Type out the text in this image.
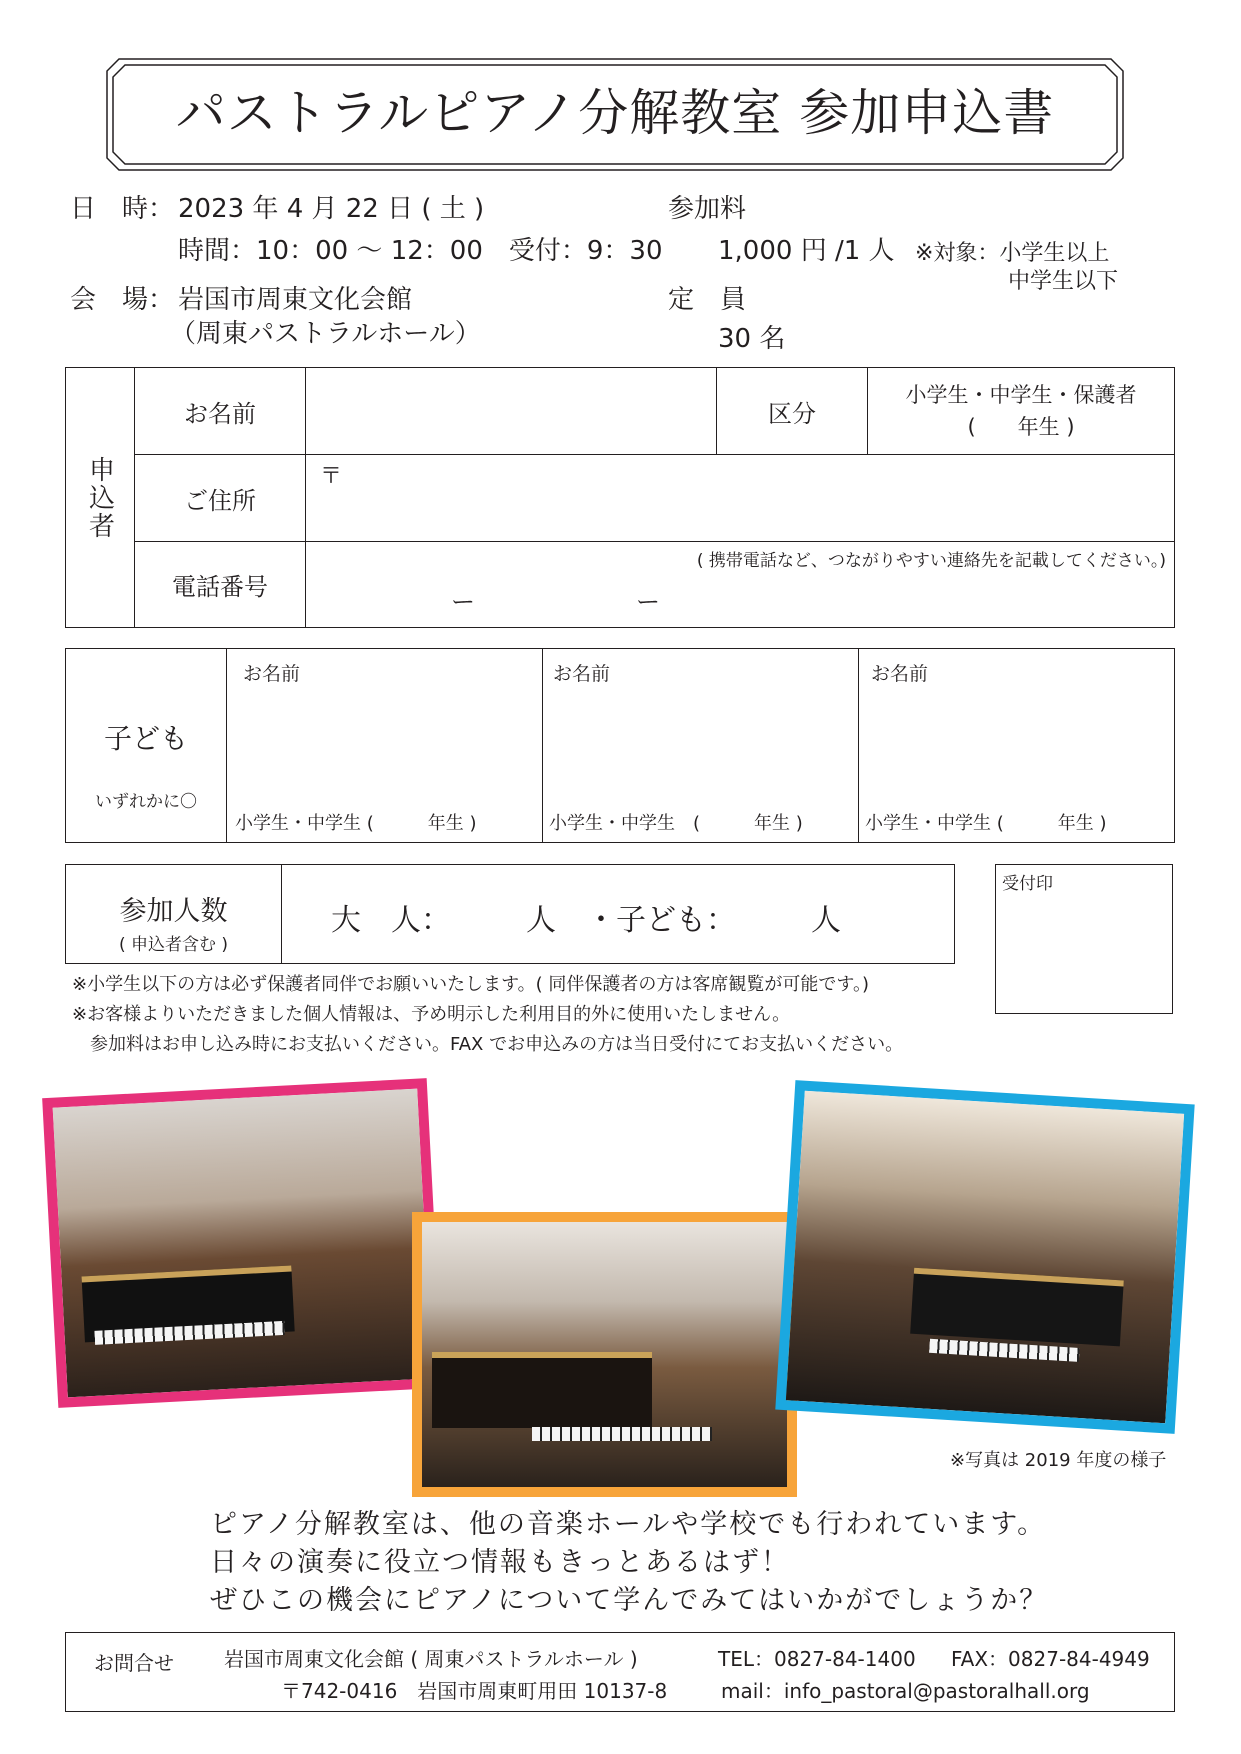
パストラルピアノ分解教室 参加申込書
日　時： 2023 年 4 月 22 日 ( 土 )
時間：10：00 ～ 12：00　受付：9：30
会　場： 岩国市周東文化会館
（周東パストラルホール）
参加料
1,000 円 /1 人 ※対象：小学生以上
中学生以下
定　員
30 名
申込者	お名前		区分	小学生・中学生・保護者
(　　年生 )

	ご住所	〒		

	電話番号	( 携帯電話など、つながりやすい連絡先を記載してください。)
ー ー		
子ども
いずれかに〇

お名前
小学生・中学生 (　　　年生 )

お名前
小学生・中学生　(　　　年生 )

お名前
小学生・中学生 (　　　年生 )
参加人数
( 申込者含む )
大　人：　　　人　・子ども：　　　人
受付印
※小学生以下の方は必ず保護者同伴でお願いいたします。( 同伴保護者の方は客席観覧が可能です。)
※お客様よりいただきました個人情報は、予め明示した利用目的外に使用いたしません。
　参加料はお申し込み時にお支払いください。FAX でお申込みの方は当日受付にてお支払いください。
※写真は 2019 年度の様子
ピアノ分解教室は、他の音楽ホールや学校でも行われています。
日々の演奏に役立つ情報もきっとあるはず！
ぜひこの機会にピアノについて学んでみてはいかがでしょうか？
お問合せ	岩国市周東文化会館 ( 周東パストラルホール )	TEL：0827-84-1400 FAX：0827-84-4949
〒742-0416　岩国市周東町用田 10137-8	mail：info_pastoral@pastoralhall.org
